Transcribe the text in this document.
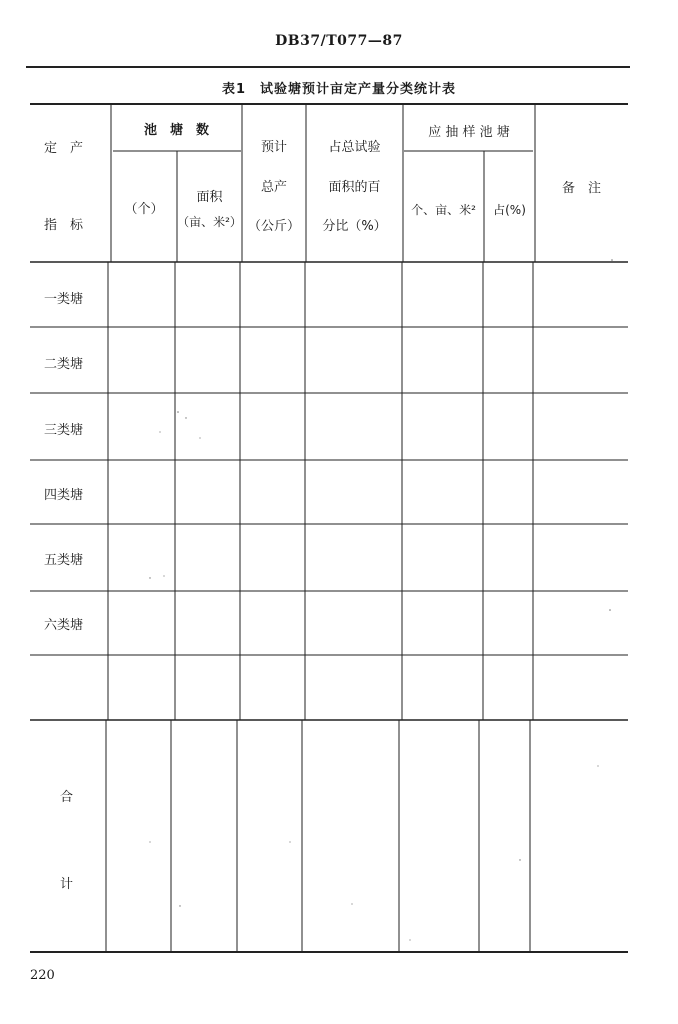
DB37/T077—87
表1　试验塘预计亩定产量分类统计表
定　产
指　标
池　塘　数
（个）
面积
（亩、米²）
预计
总产
（公斤）
占总试验
面积的百
分比（%）
应 抽 样 池 塘
个、亩、米²	占(%)
备　注
一类塘
二类塘
三类塘
四类塘
五类塘
六类塘
合
计
220
